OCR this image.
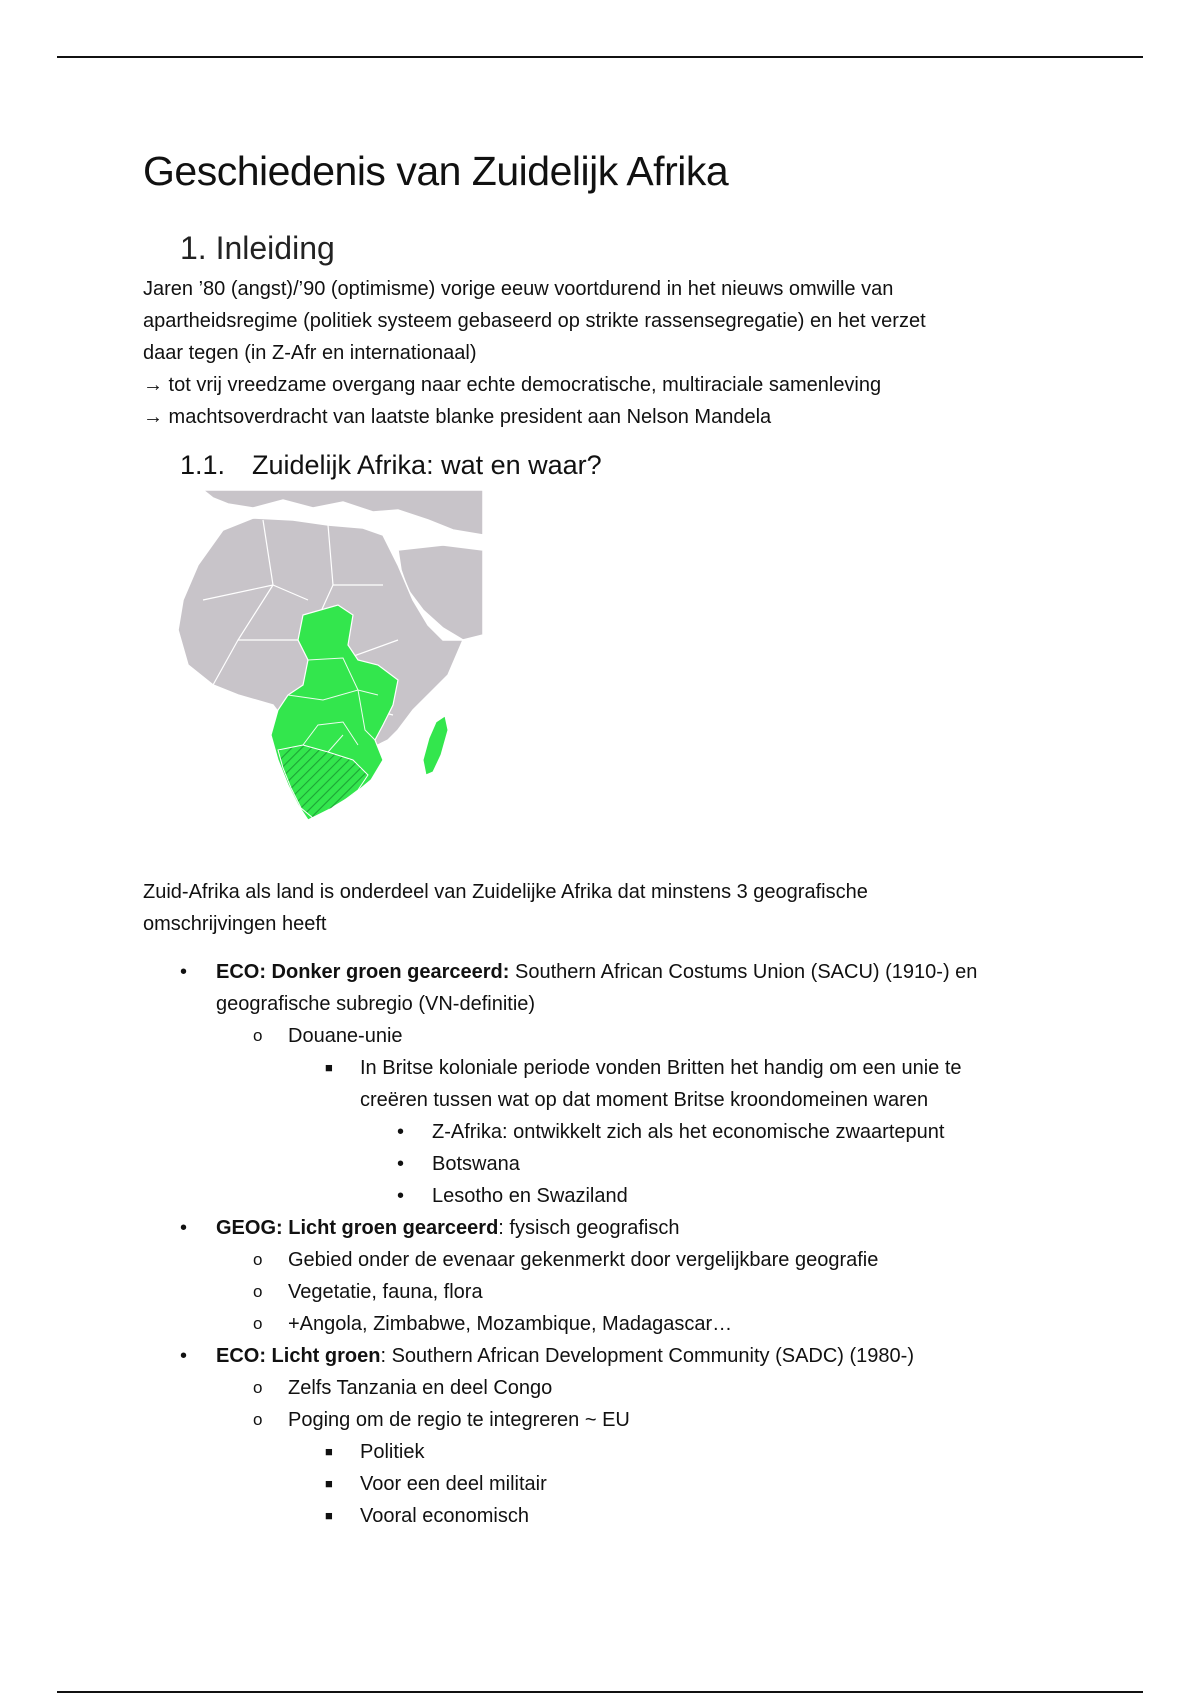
Geschiedenis van Zuidelijk Afrika
1. Inleiding

Jaren ’80 (angst)/’90 (optimisme) vorige eeuw voortdurend in het nieuws omwille van

apartheidsregime (politiek systeem gebaseerd op strikte rassensegregatie) en het verzet

daar tegen (in Z-Afr en internationaal)

→ tot vrij vreedzame overgang naar echte democratische, multiraciale samenleving

→ machtsoverdracht van laatste blanke president aan Nelson Mandela

1.1. Zuidelijk Afrika: wat en waar?

Zuid-Afrika als land is onderdeel van Zuidelijke Afrika dat minstens 3 geografische
omschrijvingen heeft

• ECO: Donker groen gearceerd: Southern African Costums Union (SACU) (1910-) en
geografische subregio (VN-definitie)
o Douane-unie
■ In Britse koloniale periode vonden Britten het handig om een unie te
creëren tussen wat op dat moment Britse kroondomeinen waren
• Z-Afrika: ontwikkelt zich als het economische zwaartepunt
• Botswana
• Lesotho en Swaziland
• GEOG: Licht groen gearceerd: fysisch geografisch
o Gebied onder de evenaar gekenmerkt door vergelijkbare geografie
o Vegetatie, fauna, flora
o +Angola, Zimbabwe, Mozambique, Madagascar…
• ECO: Licht groen: Southern African Development Community (SADC) (1980-)
o Zelfs Tanzania en deel Congo
o Poging om de regio te integreren ~ EU
■ Politiek
■ Voor een deel militair
■ Vooral economisch
